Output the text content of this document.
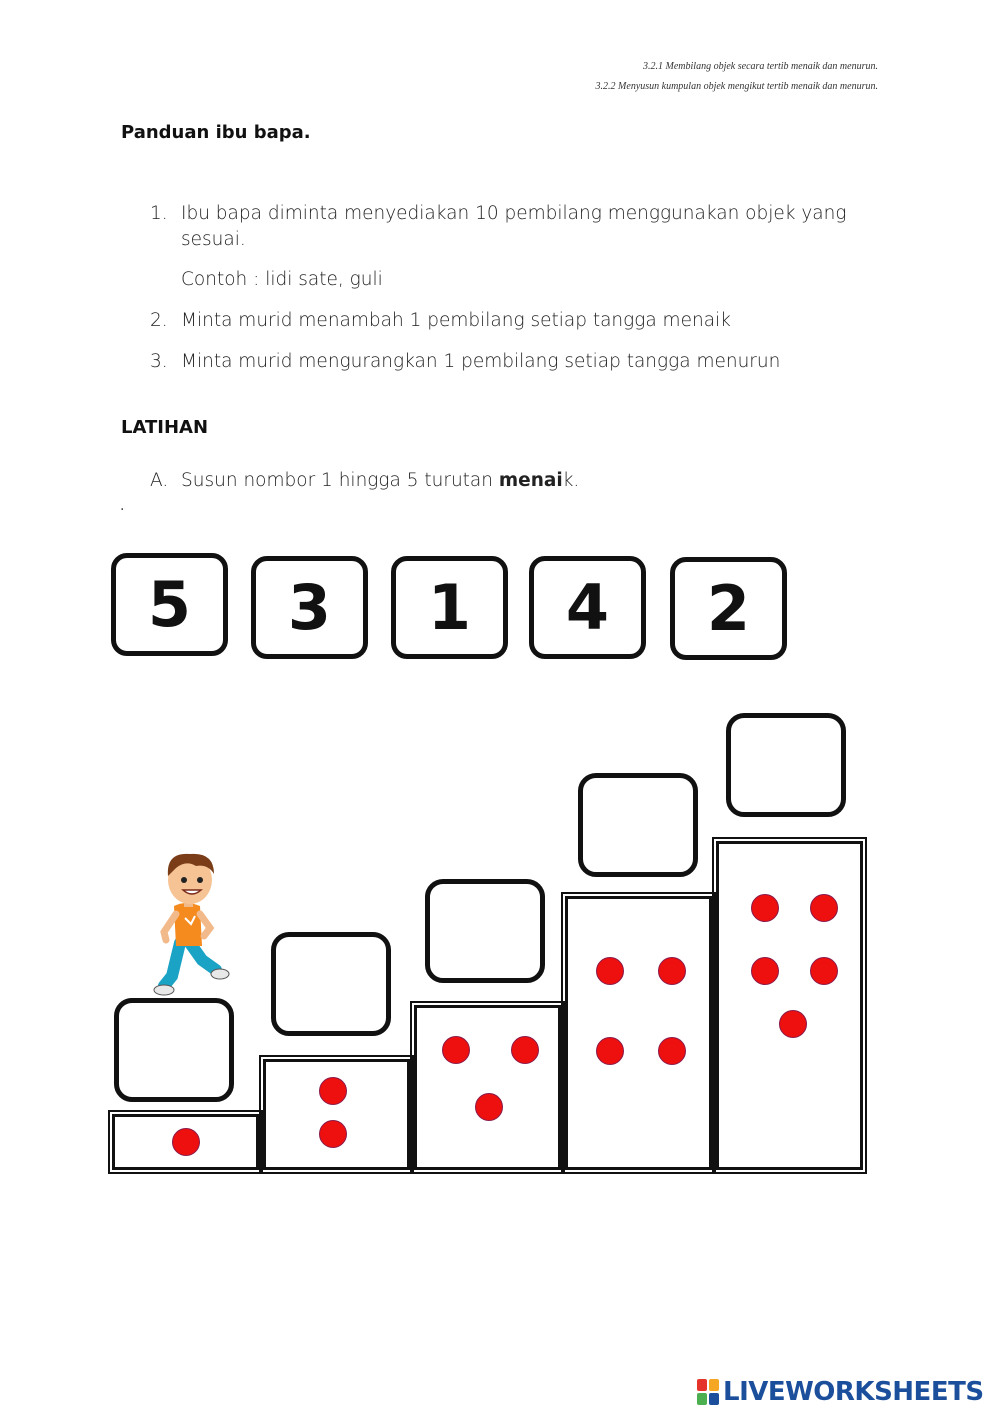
3.2.1 Membilang objek secara tertib menaik dan menurun.
3.2.2 Menyusun kumpulan objek mengikut tertib menaik dan menurun.
Panduan ibu bapa.
1. Ibu bapa diminta menyediakan 10 pembilang menggunakan objek yang sesuai.
Contoh : lidi sate, guli
2. Minta murid menambah 1 pembilang setiap tangga menaik
3. Minta murid mengurangkan 1 pembilang setiap tangga menurun
LATIHAN
A. Susun nombor 1 hingga 5 turutan menaik.
.
5	3	1	4	2
LIVEWORKSHEETS
